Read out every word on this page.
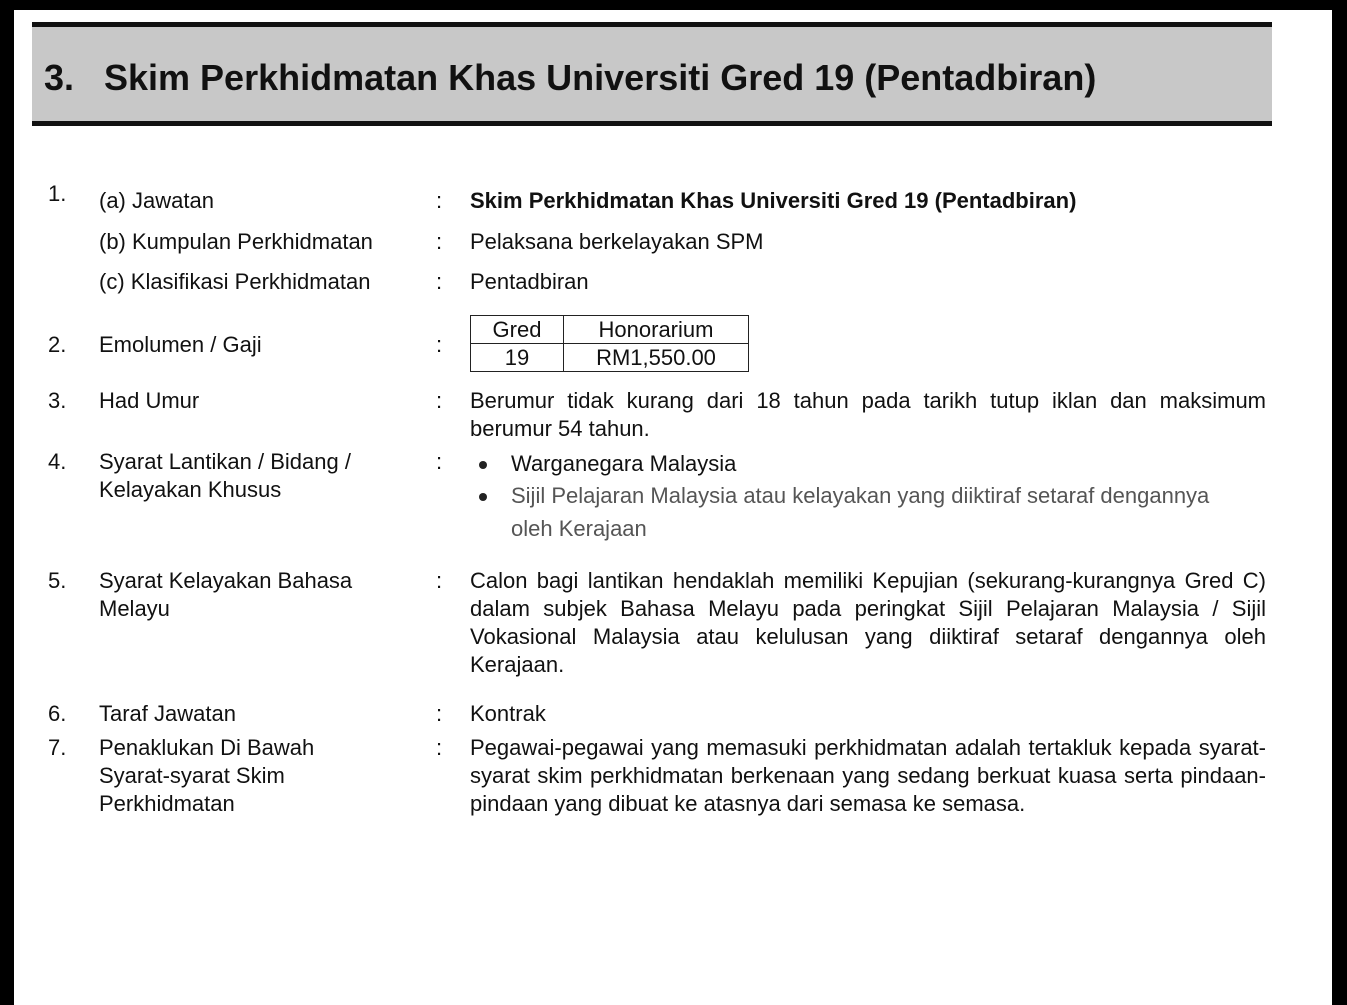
3. Skim Perkhidmatan Khas Universiti Gred 19 (Pentadbiran)
1. (a) Jawatan	: Skim Perkhidmatan Khas Universiti Gred 19 (Pentadbiran)
(b) Kumpulan Perkhidmatan	: Pelaksana berkelayakan SPM
(c) Klasifikasi Perkhidmatan	: Pentadbiran
2. Emolumen / Gaji	:
Gred	Honorarium
19	RM1,550.00
3. Had Umur	: Berumur tidak kurang dari 18 tahun pada tarikh tutup iklan dan maksimum berumur 54 tahun.
4. Syarat Lantikan / Bidang /
Kelayakan Khusus
:	Warganegara Malaysia
Sijil Pelajaran Malaysia atau kelayakan yang diiktiraf setaraf dengannya
oleh Kerajaan
5. Syarat Kelayakan Bahasa
Melayu
: Calon bagi lantikan hendaklah memiliki Kepujian (sekurang-kurangnya Gred C) dalam subjek Bahasa Melayu pada peringkat Sijil Pelajaran Malaysia / Sijil Vokasional Malaysia atau kelulusan yang diiktiraf setaraf dengannya oleh Kerajaan.
6. Taraf Jawatan	: Kontrak
7. Penaklukan Di Bawah
Syarat-syarat Skim
Perkhidmatan
: Pegawai-pegawai yang memasuki perkhidmatan adalah tertakluk kepada syarat-syarat skim perkhidmatan berkenaan yang sedang berkuat kuasa serta pindaan-pindaan yang dibuat ke atasnya dari semasa ke semasa.
